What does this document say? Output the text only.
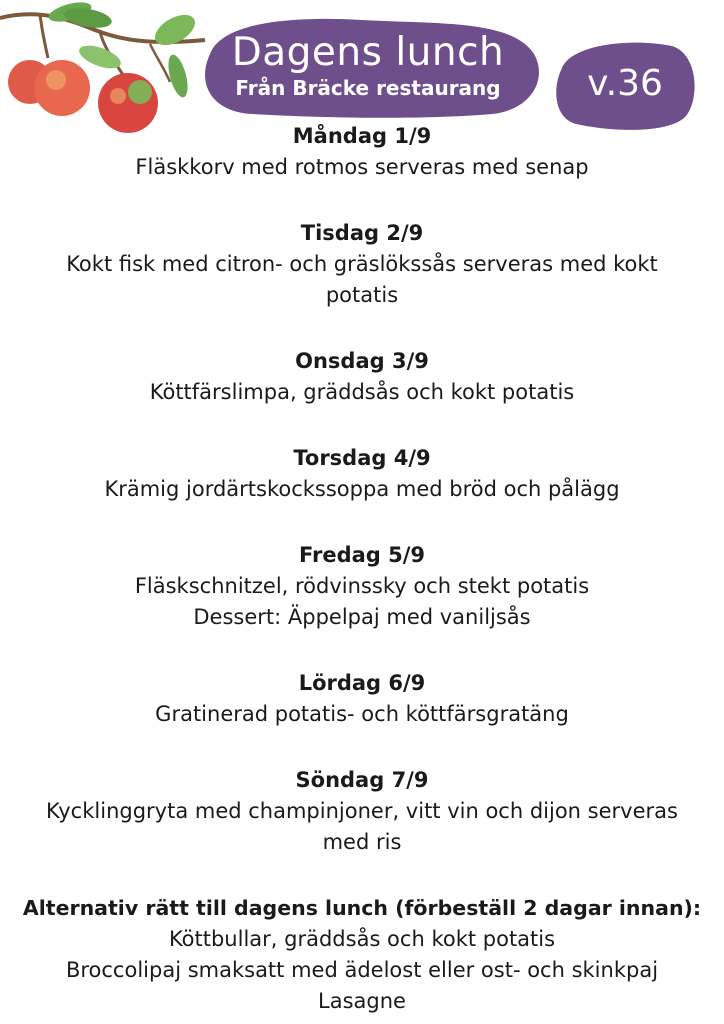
Dagens lunch
Från Bräcke restaurang	v.36
Måndag 1/9
Fläskkorv med rotmos serveras med senap
Tisdag 2/9
Kokt fisk med citron- och gräslökssås serveras med kokt potatis
Onsdag 3/9
Köttfärslimpa, gräddsås och kokt potatis
Torsdag 4/9
Krämig jordärtskockssoppa med bröd och pålägg
Fredag 5/9
Fläskschnitzel, rödvinssky och stekt potatis
Dessert: Äppelpaj med vaniljsås
Lördag 6/9
Gratinerad potatis- och köttfärsgratäng
Söndag 7/9
Kycklinggryta med champinjoner, vitt vin och dijon serveras med ris
Alternativ rätt till dagens lunch (förbeställ 2 dagar innan):
Köttbullar, gräddsås och kokt potatis
Broccolipaj smaksatt med ädelost eller ost- och skinkpaj
Lasagne
